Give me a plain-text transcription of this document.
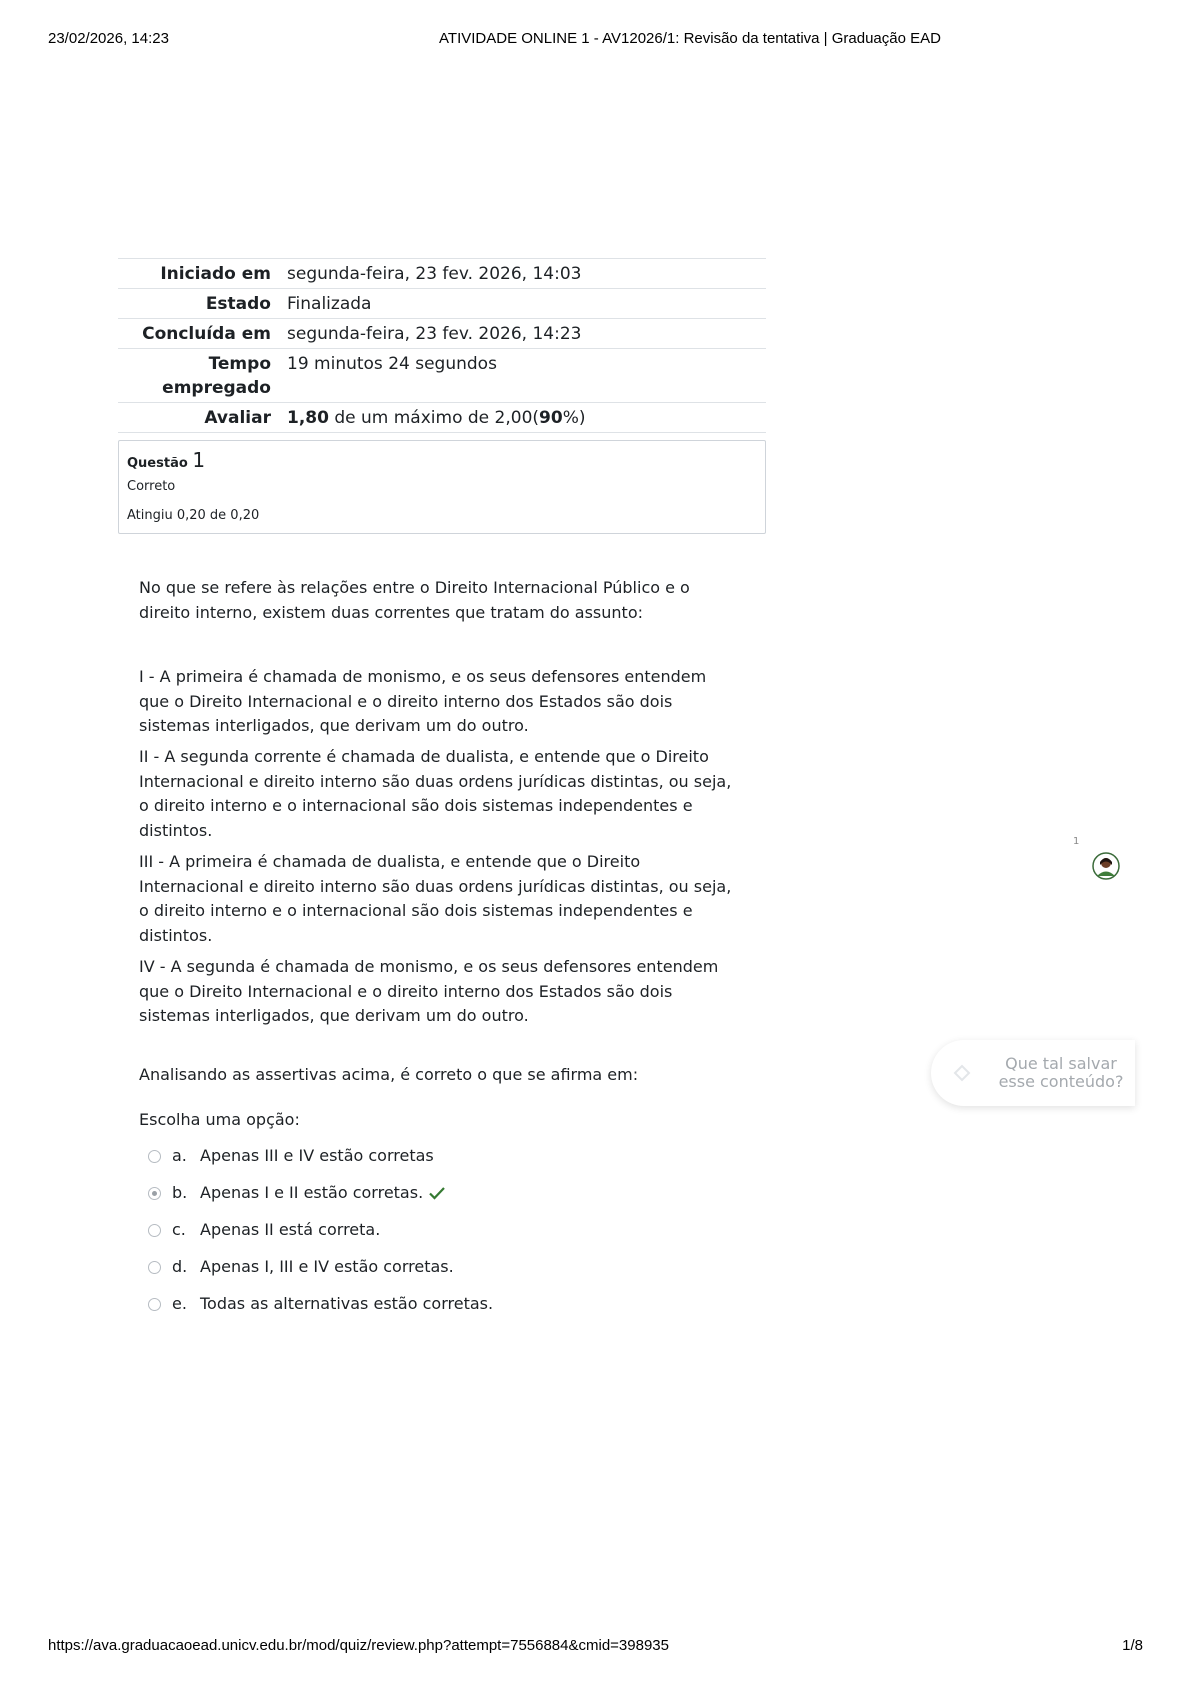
23/02/2026, 14:23	ATIVIDADE ONLINE 1 - AV12026/1: Revisão da tentativa | Graduação EAD
Iniciado em	segunda-feira, 23 fev. 2026, 14:03
Estado	Finalizada
Concluída em	segunda-feira, 23 fev. 2026, 14:23
Tempo
empregado	19 minutos 24 segundos
Avaliar	1,80 de um máximo de 2,00(90%)
Questão 1
Correto
Atingiu 0,20 de 0,20
No que se refere às relações entre o Direito Internacional Público e o direito interno, existem duas correntes que tratam do assunto:
I - A primeira é chamada de monismo, e os seus defensores entendem que o Direito Internacional e o direito interno dos Estados são dois sistemas interligados, que derivam um do outro.
II - A segunda corrente é chamada de dualista, e entende que o Direito Internacional e direito interno são duas ordens jurídicas distintas, ou seja, o direito interno e o internacional são dois sistemas independentes e distintos.
III - A primeira é chamada de dualista, e entende que o Direito Internacional e direito interno são duas ordens jurídicas distintas, ou seja, o direito interno e o internacional são dois sistemas independentes e distintos.
IV - A segunda é chamada de monismo, e os seus defensores entendem que o Direito Internacional e o direito interno dos Estados são dois sistemas interligados, que derivam um do outro.
Analisando as assertivas acima, é correto o que se afirma em:
Escolha uma opção:
a. Apenas III e IV estão corretas
b. Apenas I e II estão corretas.
c. Apenas II está correta.
d. Apenas I, III e IV estão corretas.
e. Todas as alternativas estão corretas.
1
Que tal salvar
esse conteúdo?
https://ava.graduacaoead.unicv.edu.br/mod/quiz/review.php?attempt=7556884&cmid=398935	1/8
